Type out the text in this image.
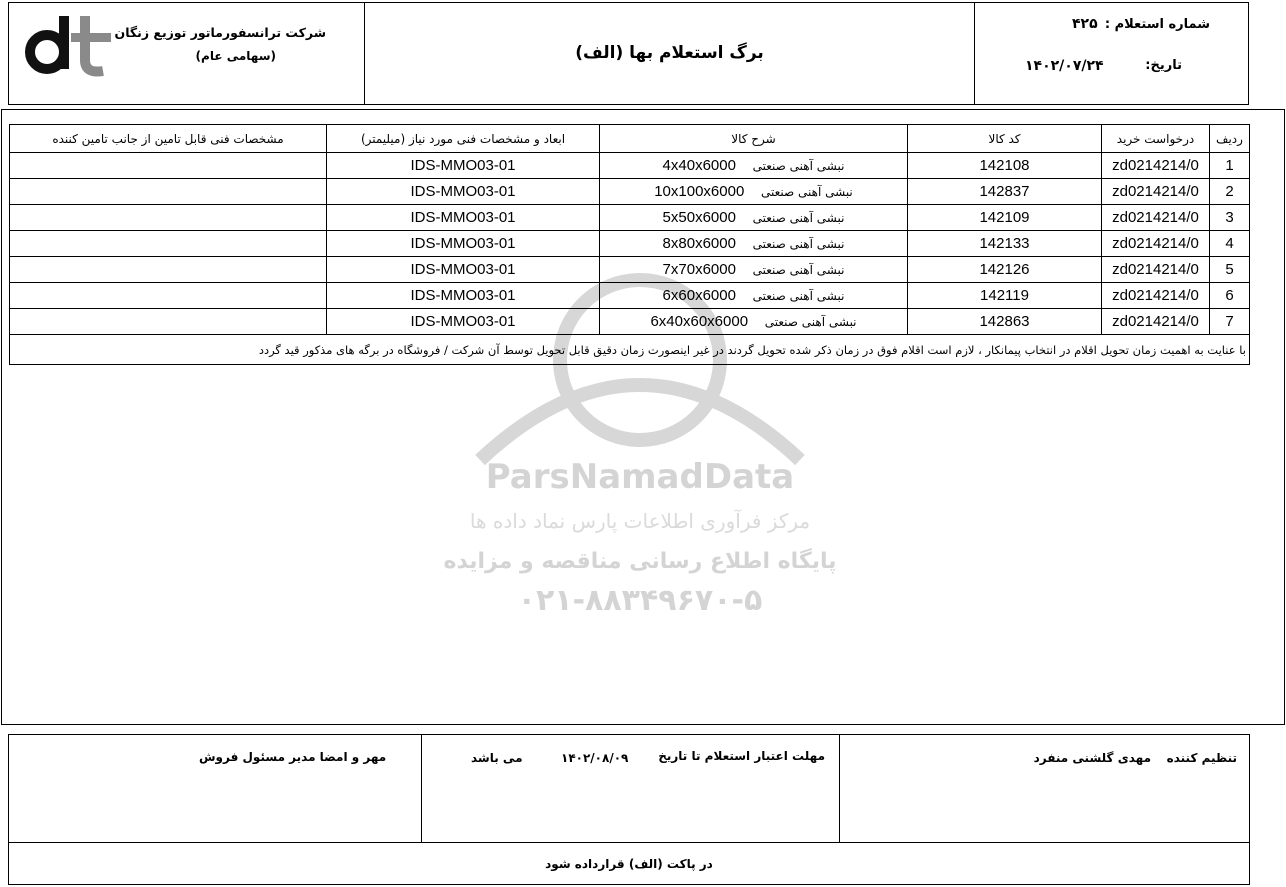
شماره استعلام :
۴۲۵
تاریخ:
۱۴۰۲/۰۷/۲۴
برگ استعلام بها (الف)
شرکت ترانسفورماتور توزیع زنگان
(سهامی عام)
ParsNamadData
مرکز فرآوری اطلاعات پارس نماد داده ها
پایگاه اطلاع رسانی مناقصه و مزایده
۰۲۱-۸۸۳۴۹۶۷۰-۵
ردیف	درخواست خرید	کد کالا	شرح کالا	ابعاد و مشخصات فنی مورد نیاز (میلیمتر)	مشخصات فنی قابل تامین از جانب تامین کننده
1	zd0214214/0	142108	نبشی آهنی صنعتی    4x40x6000	IDS-MMO03-01	
2	zd0214214/0	142837	نبشی آهنی صنعتی    10x100x6000	IDS-MMO03-01	
3	zd0214214/0	142109	نبشی آهنی صنعتی    5x50x6000	IDS-MMO03-01	
4	zd0214214/0	142133	نبشی آهنی صنعتی    8x80x6000	IDS-MMO03-01	
5	zd0214214/0	142126	نبشی آهنی صنعتی    7x70x6000	IDS-MMO03-01	
6	zd0214214/0	142119	نبشی آهنی صنعتی    6x60x6000	IDS-MMO03-01	
7	zd0214214/0	142863	نبشی آهنی صنعتی    6x40x60x6000	IDS-MMO03-01	
با عنایت به اهمیت زمان تحویل اقلام در انتخاب پیمانکار ، لازم است اقلام فوق در زمان ذکر شده تحویل گردند در غیر اینصورت زمان دقیق قابل تحویل توسط آن شرکت / فروشگاه در برگه های مذکور قید گردد					
تنظیم کننده
مهدی گلشنی منفرد
مهلت اعتبار استعلام تا تاریخ
۱۴۰۲/۰۸/۰۹
می باشد
مهر و امضا مدیر مسئول فروش
در پاکت (الف) قرارداده شود
